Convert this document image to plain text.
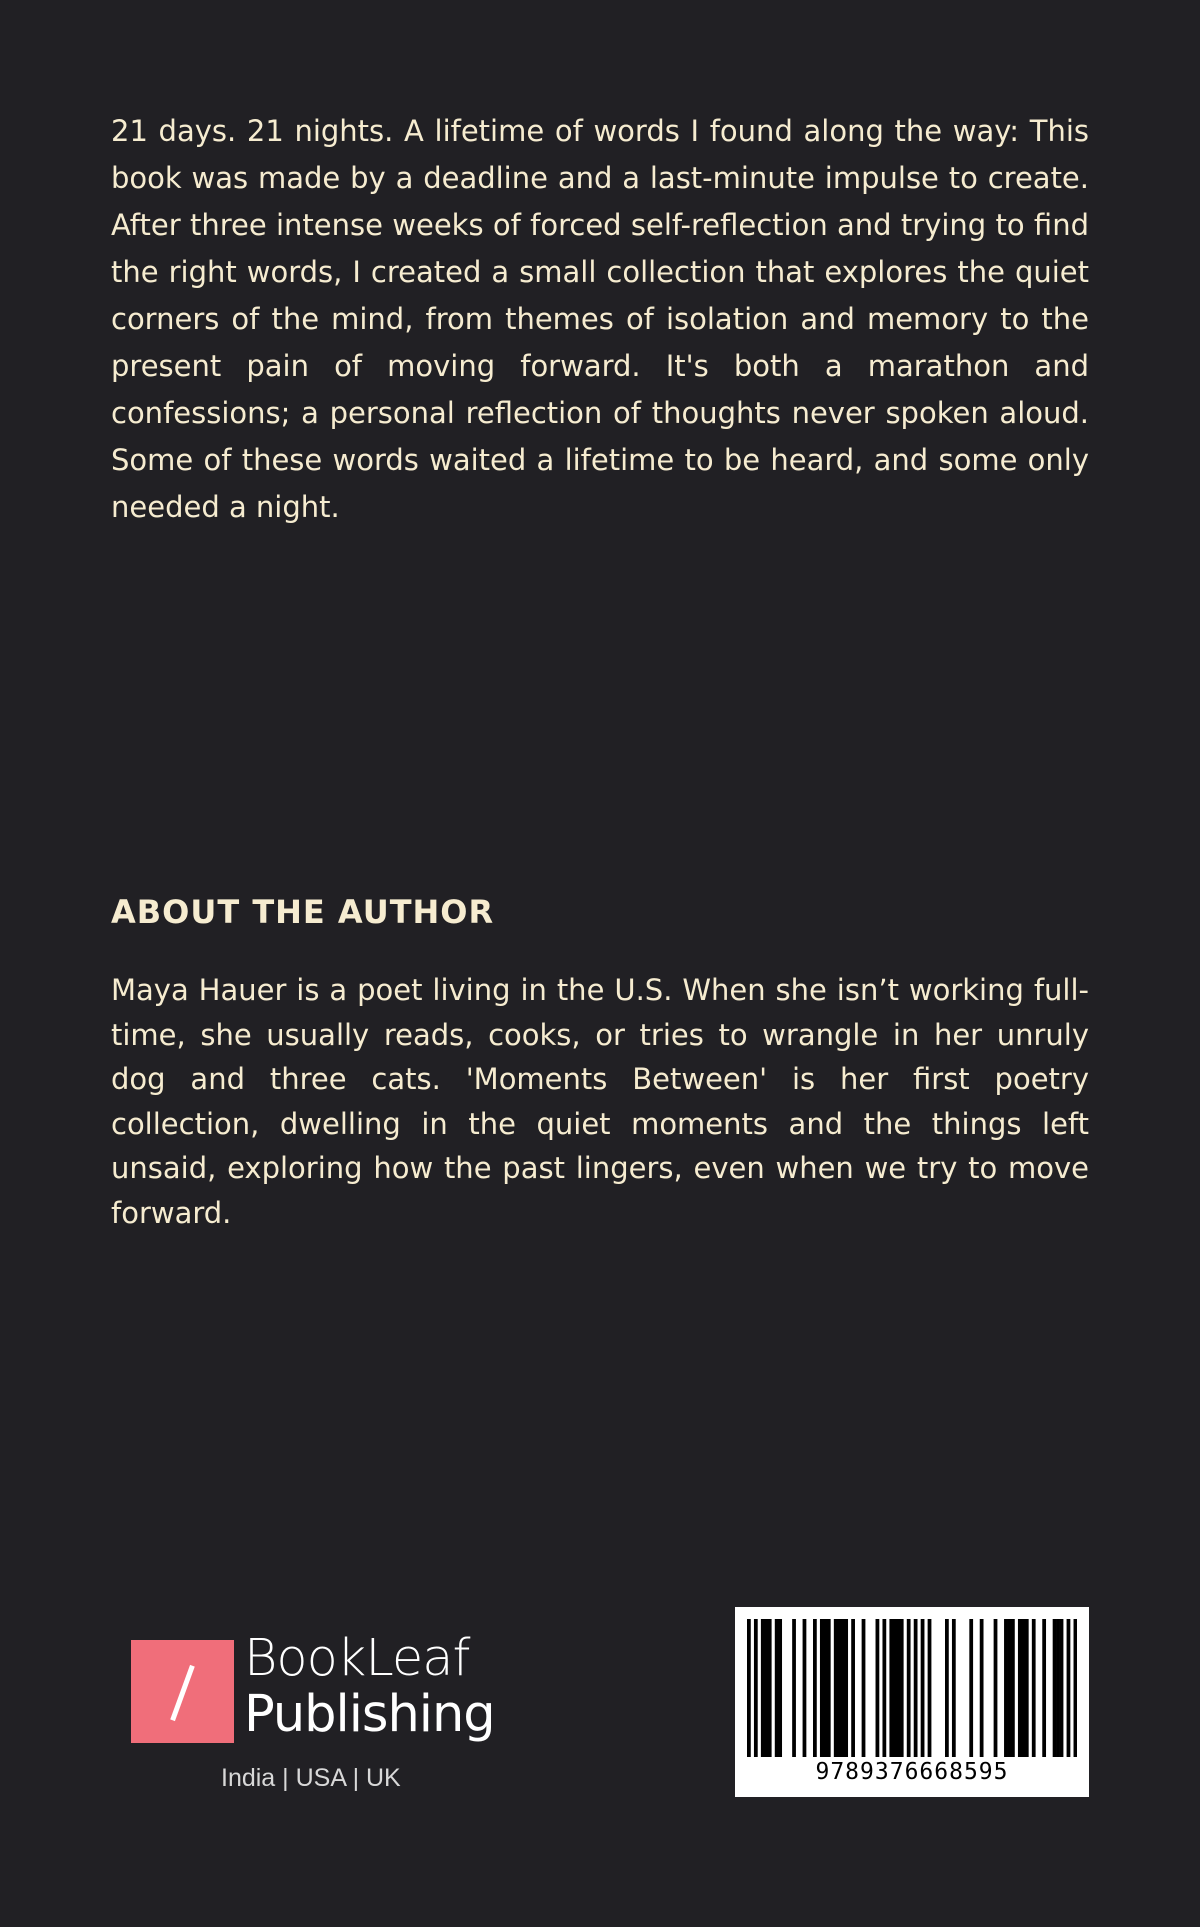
21 days. 21 nights. A lifetime of words I found along the way: This book was made by a deadline and a last-minute impulse to create. After three intense weeks of forced self-reflection and trying to find the right words, I created a small collection that explores the quiet corners of the mind, from themes of isolation and memory to the present pain of moving forward. It's both a marathon and confessions; a personal reflection of thoughts never spoken aloud. Some of these words waited a lifetime to be heard, and some only needed a night.

ABOUT THE AUTHOR

Maya Hauer is a poet living in the U.S. When she isn’t working full-time, she usually reads, cooks, or tries to wrangle in her unruly dog and three cats. 'Moments Between' is her first poetry collection, dwelling in the quiet moments and the things left unsaid, exploring how the past lingers, even when we try to move forward.

BookLeaf
Publishing
India | USA | UK	9789376668595
